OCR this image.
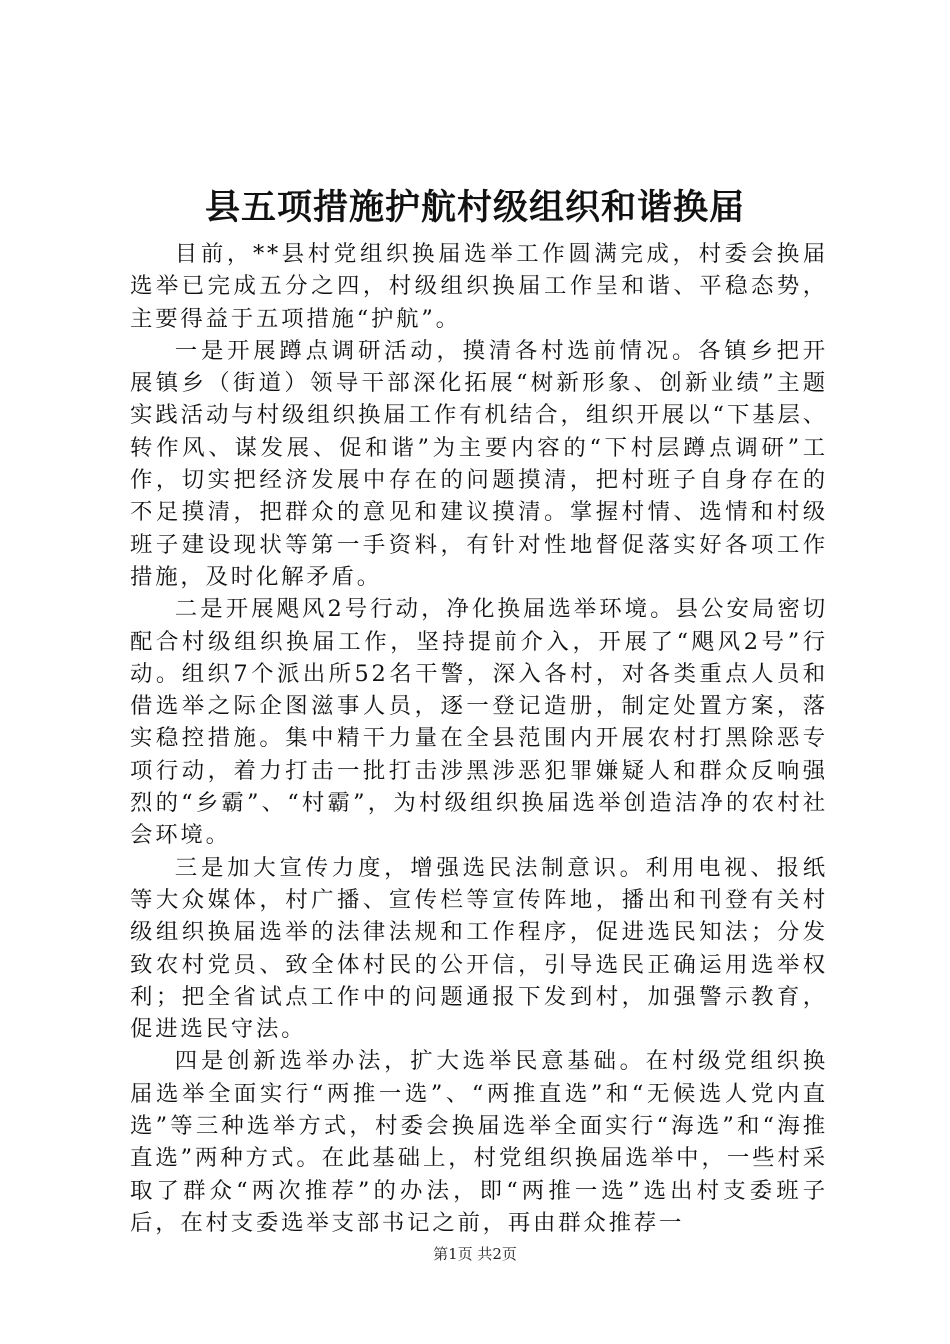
县五项措施护航村级组织和谐换届

目前，**县村党组织换届选举工作圆满完成，村委会换届选举已完成五分之四，村级组织换届工作呈和谐、平稳态势，主要得益于五项措施“护航”。

一是开展蹲点调研活动，摸清各村选前情况。各镇乡把开展镇乡（街道）领导干部深化拓展“树新形象、创新业绩”主题实践活动与村级组织换届工作有机结合，组织开展以“下基层、转作风、谋发展、促和谐”为主要内容的“下村层蹲点调研”工作，切实把经济发展中存在的问题摸清，把村班子自身存在的不足摸清，把群众的意见和建议摸清。掌握村情、选情和村级班子建设现状等第一手资料，有针对性地督促落实好各项工作措施，及时化解矛盾。

二是开展飓风2号行动，净化换届选举环境。县公安局密切配合村级组织换届工作，坚持提前介入，开展了“飓风2号”行动。组织7个派出所52名干警，深入各村，对各类重点人员和借选举之际企图滋事人员，逐一登记造册，制定处置方案，落实稳控措施。集中精干力量在全县范围内开展农村打黑除恶专项行动，着力打击一批打击涉黑涉恶犯罪嫌疑人和群众反响强烈的“乡霸”、“村霸”，为村级组织换届选举创造洁净的农村社会环境。

三是加大宣传力度，增强选民法制意识。利用电视、报纸等大众媒体，村广播、宣传栏等宣传阵地，播出和刊登有关村级组织换届选举的法律法规和工作程序，促进选民知法；分发致农村党员、致全体村民的公开信，引导选民正确运用选举权利；把全省试点工作中的问题通报下发到村，加强警示教育，促进选民守法。

四是创新选举办法，扩大选举民意基础。在村级党组织换届选举全面实行“两推一选”、“两推直选”和“无候选人党内直选”等三种选举方式，村委会换届选举全面实行“海选”和“海推直选”两种方式。在此基础上，村党组织换届选举中，一些村采取了群众“两次推荐”的办法，即“两推一选”选出村支委班子后，在村支委选举支部书记之前，再由群众推荐一

第1页 共2页
